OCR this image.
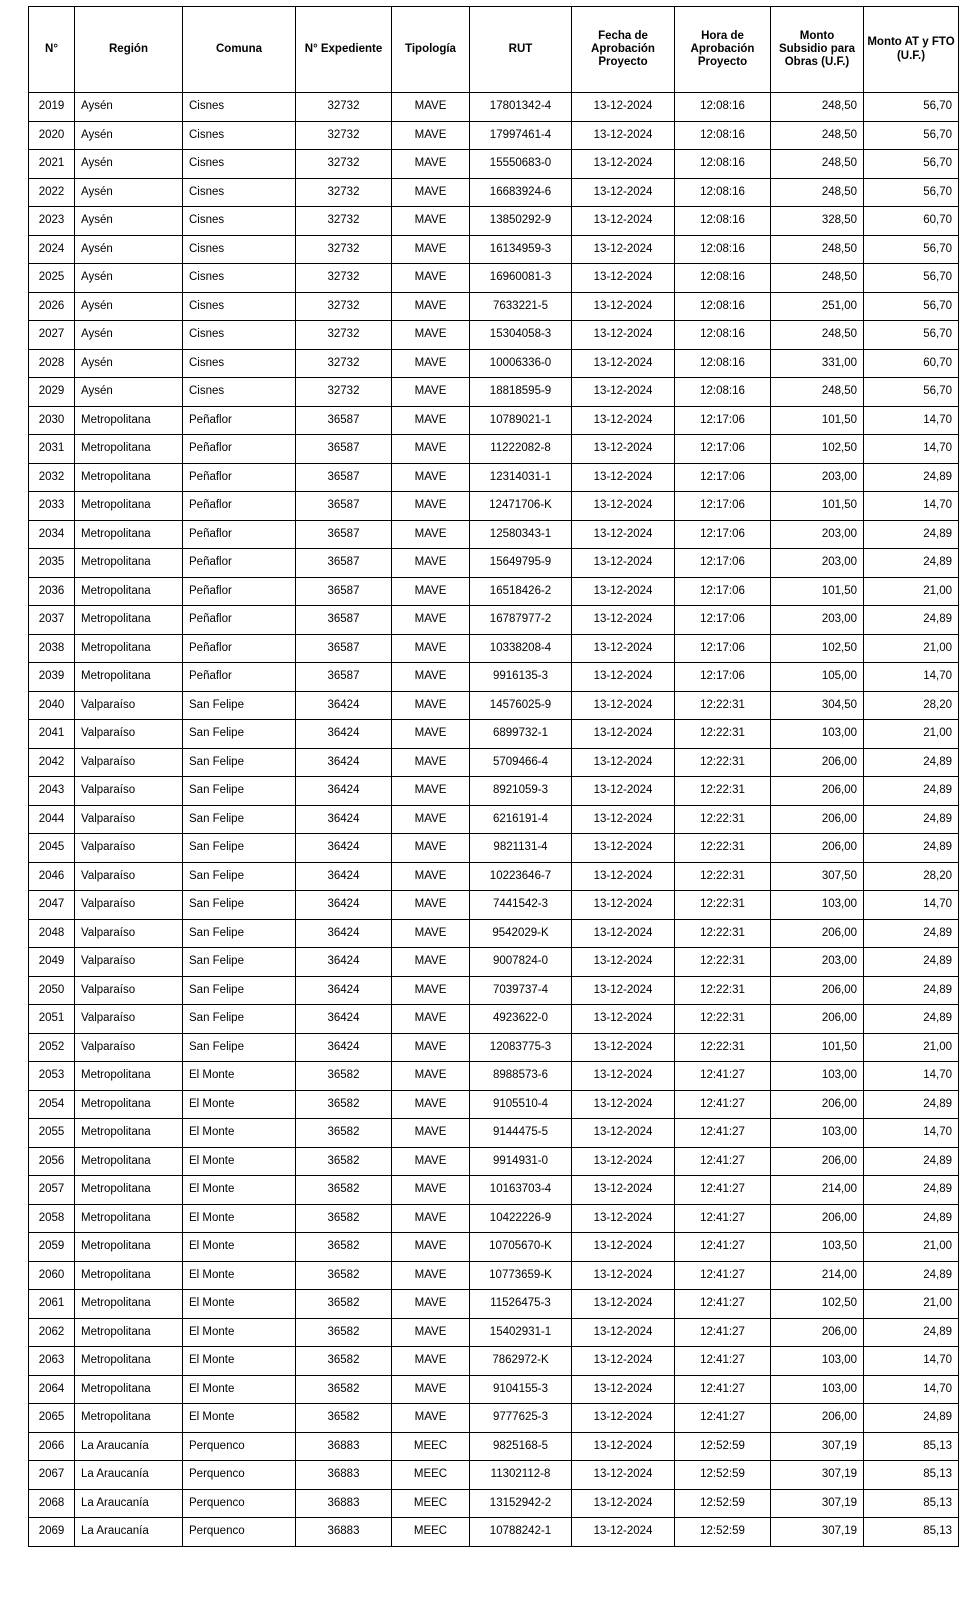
N°	Región	Comuna	N° Expediente	Tipología	RUT	Fecha de Aprobación Proyecto	Hora de Aprobación Proyecto	Monto Subsidio para Obras (U.F.)	Monto AT y FTO (U.F.)
2019	Aysén	Cisnes	32732	MAVE	17801342-4	13-12-2024	12:08:16	248,50	56,70
2020	Aysén	Cisnes	32732	MAVE	17997461-4	13-12-2024	12:08:16	248,50	56,70
2021	Aysén	Cisnes	32732	MAVE	15550683-0	13-12-2024	12:08:16	248,50	56,70
2022	Aysén	Cisnes	32732	MAVE	16683924-6	13-12-2024	12:08:16	248,50	56,70
2023	Aysén	Cisnes	32732	MAVE	13850292-9	13-12-2024	12:08:16	328,50	60,70
2024	Aysén	Cisnes	32732	MAVE	16134959-3	13-12-2024	12:08:16	248,50	56,70
2025	Aysén	Cisnes	32732	MAVE	16960081-3	13-12-2024	12:08:16	248,50	56,70
2026	Aysén	Cisnes	32732	MAVE	7633221-5	13-12-2024	12:08:16	251,00	56,70
2027	Aysén	Cisnes	32732	MAVE	15304058-3	13-12-2024	12:08:16	248,50	56,70
2028	Aysén	Cisnes	32732	MAVE	10006336-0	13-12-2024	12:08:16	331,00	60,70
2029	Aysén	Cisnes	32732	MAVE	18818595-9	13-12-2024	12:08:16	248,50	56,70
2030	Metropolitana	Peñaflor	36587	MAVE	10789021-1	13-12-2024	12:17:06	101,50	14,70
2031	Metropolitana	Peñaflor	36587	MAVE	11222082-8	13-12-2024	12:17:06	102,50	14,70
2032	Metropolitana	Peñaflor	36587	MAVE	12314031-1	13-12-2024	12:17:06	203,00	24,89
2033	Metropolitana	Peñaflor	36587	MAVE	12471706-K	13-12-2024	12:17:06	101,50	14,70
2034	Metropolitana	Peñaflor	36587	MAVE	12580343-1	13-12-2024	12:17:06	203,00	24,89
2035	Metropolitana	Peñaflor	36587	MAVE	15649795-9	13-12-2024	12:17:06	203,00	24,89
2036	Metropolitana	Peñaflor	36587	MAVE	16518426-2	13-12-2024	12:17:06	101,50	21,00
2037	Metropolitana	Peñaflor	36587	MAVE	16787977-2	13-12-2024	12:17:06	203,00	24,89
2038	Metropolitana	Peñaflor	36587	MAVE	10338208-4	13-12-2024	12:17:06	102,50	21,00
2039	Metropolitana	Peñaflor	36587	MAVE	9916135-3	13-12-2024	12:17:06	105,00	14,70
2040	Valparaíso	San Felipe	36424	MAVE	14576025-9	13-12-2024	12:22:31	304,50	28,20
2041	Valparaíso	San Felipe	36424	MAVE	6899732-1	13-12-2024	12:22:31	103,00	21,00
2042	Valparaíso	San Felipe	36424	MAVE	5709466-4	13-12-2024	12:22:31	206,00	24,89
2043	Valparaíso	San Felipe	36424	MAVE	8921059-3	13-12-2024	12:22:31	206,00	24,89
2044	Valparaíso	San Felipe	36424	MAVE	6216191-4	13-12-2024	12:22:31	206,00	24,89
2045	Valparaíso	San Felipe	36424	MAVE	9821131-4	13-12-2024	12:22:31	206,00	24,89
2046	Valparaíso	San Felipe	36424	MAVE	10223646-7	13-12-2024	12:22:31	307,50	28,20
2047	Valparaíso	San Felipe	36424	MAVE	7441542-3	13-12-2024	12:22:31	103,00	14,70
2048	Valparaíso	San Felipe	36424	MAVE	9542029-K	13-12-2024	12:22:31	206,00	24,89
2049	Valparaíso	San Felipe	36424	MAVE	9007824-0	13-12-2024	12:22:31	203,00	24,89
2050	Valparaíso	San Felipe	36424	MAVE	7039737-4	13-12-2024	12:22:31	206,00	24,89
2051	Valparaíso	San Felipe	36424	MAVE	4923622-0	13-12-2024	12:22:31	206,00	24,89
2052	Valparaíso	San Felipe	36424	MAVE	12083775-3	13-12-2024	12:22:31	101,50	21,00
2053	Metropolitana	El Monte	36582	MAVE	8988573-6	13-12-2024	12:41:27	103,00	14,70
2054	Metropolitana	El Monte	36582	MAVE	9105510-4	13-12-2024	12:41:27	206,00	24,89
2055	Metropolitana	El Monte	36582	MAVE	9144475-5	13-12-2024	12:41:27	103,00	14,70
2056	Metropolitana	El Monte	36582	MAVE	9914931-0	13-12-2024	12:41:27	206,00	24,89
2057	Metropolitana	El Monte	36582	MAVE	10163703-4	13-12-2024	12:41:27	214,00	24,89
2058	Metropolitana	El Monte	36582	MAVE	10422226-9	13-12-2024	12:41:27	206,00	24,89
2059	Metropolitana	El Monte	36582	MAVE	10705670-K	13-12-2024	12:41:27	103,50	21,00
2060	Metropolitana	El Monte	36582	MAVE	10773659-K	13-12-2024	12:41:27	214,00	24,89
2061	Metropolitana	El Monte	36582	MAVE	11526475-3	13-12-2024	12:41:27	102,50	21,00
2062	Metropolitana	El Monte	36582	MAVE	15402931-1	13-12-2024	12:41:27	206,00	24,89
2063	Metropolitana	El Monte	36582	MAVE	7862972-K	13-12-2024	12:41:27	103,00	14,70
2064	Metropolitana	El Monte	36582	MAVE	9104155-3	13-12-2024	12:41:27	103,00	14,70
2065	Metropolitana	El Monte	36582	MAVE	9777625-3	13-12-2024	12:41:27	206,00	24,89
2066	La Araucanía	Perquenco	36883	MEEC	9825168-5	13-12-2024	12:52:59	307,19	85,13
2067	La Araucanía	Perquenco	36883	MEEC	11302112-8	13-12-2024	12:52:59	307,19	85,13
2068	La Araucanía	Perquenco	36883	MEEC	13152942-2	13-12-2024	12:52:59	307,19	85,13
2069	La Araucanía	Perquenco	36883	MEEC	10788242-1	13-12-2024	12:52:59	307,19	85,13
